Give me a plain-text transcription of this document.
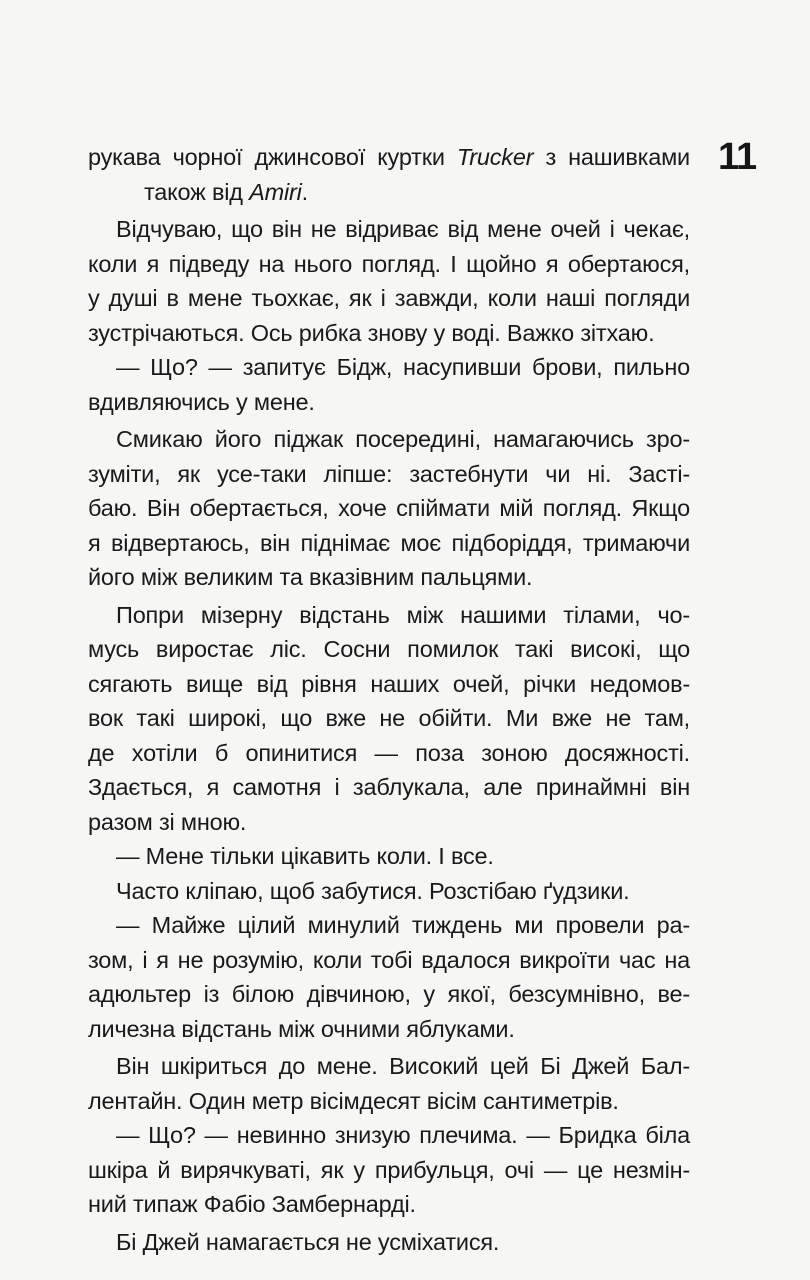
11
рукава чорної джинсової куртки Trucker з нашивками
також від Amiri.
Відчуваю, що він не відриває від мене очей і чекає,
коли я підведу на нього погляд. І щойно я обертаюся,
у душі в мене тьохкає, як і завжди, коли наші погляди
зустрічаються. Ось рибка знову у воді. Важко зітхаю.
— Що? — запитує Бідж, насупивши брови, пильно
вдивляючись у мене.
Смикаю його піджак посередині, намагаючись зро-
зуміти, як усе-таки ліпше: застебнути чи ні. Засті-
баю. Він обертається, хоче спіймати мій погляд. Якщо
я відвертаюсь, він піднімає моє підборіддя, тримаючи
його між великим та вказівним пальцями.
Попри мізерну відстань між нашими тілами, чо-
мусь виростає ліс. Сосни помилок такі високі, що
сягають вище від рівня наших очей, річки недомов-
вок такі широкі, що вже не обійти. Ми вже не там,
де хотіли б опинитися — поза зоною досяжності.
Здається, я самотня і заблукала, але принаймні він
разом зі мною.
— Мене тільки цікавить коли. І все.
Часто кліпаю, щоб забутися. Розстібаю ґудзики.
— Майже цілий минулий тиждень ми провели ра-
зом, і я не розумію, коли тобі вдалося викроїти час на
адюльтер із білою дівчиною, у якої, безсумнівно, ве-
личезна відстань між очними яблуками.
Він шкіриться до мене. Високий цей Бі Джей Бал-
лентайн. Один метр вісімдесят вісім сантиметрів.
— Що? — невинно знизую плечима. — Бридка біла
шкіра й вирячкуваті, як у прибульця, очі — це незмін-
ний типаж Фабіо Замбернарді.
Бі Джей намагається не усміхатися.
